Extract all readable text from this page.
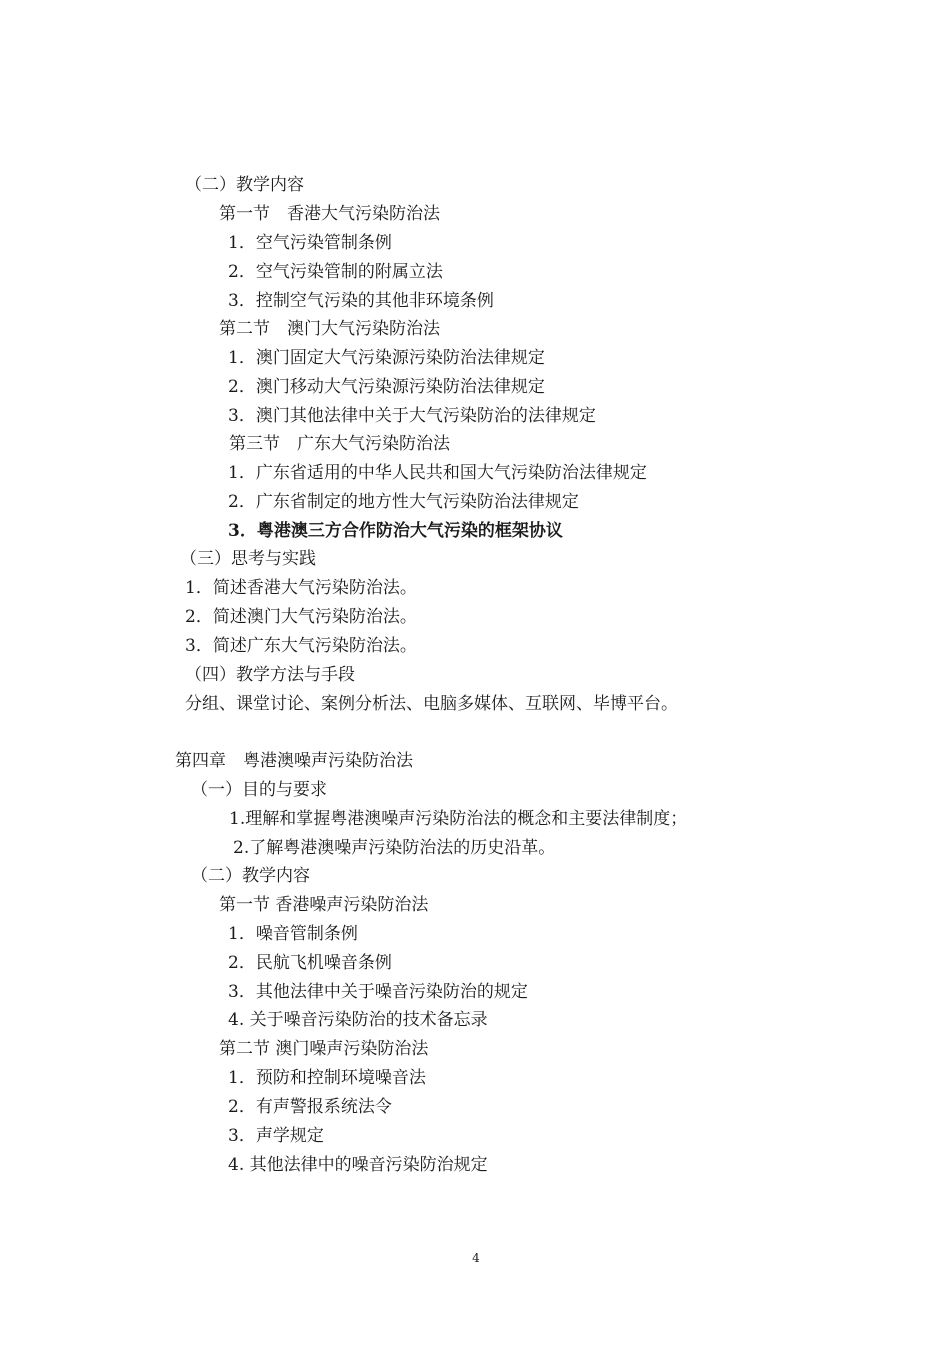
（二）教学内容
第一节　香港大气污染防治法
1．空气污染管制条例
2．空气污染管制的附属立法
3．控制空气污染的其他非环境条例
第二节　澳门大气污染防治法
1．澳门固定大气污染源污染防治法律规定
2．澳门移动大气污染源污染防治法律规定
3．澳门其他法律中关于大气污染防治的法律规定
第三节　广东大气污染防治法
1．广东省适用的中华人民共和国大气污染防治法律规定
2．广东省制定的地方性大气污染防治法律规定
3．粤港澳三方合作防治大气污染的框架协议
（三）思考与实践
1．简述香港大气污染防治法。
2．简述澳门大气污染防治法。
3．简述广东大气污染防治法。
（四）教学方法与手段
分组、课堂讨论、案例分析法、电脑多媒体、互联网、毕博平台。
第四章　粤港澳噪声污染防治法
（一）目的与要求
1.理解和掌握粤港澳噪声污染防治法的概念和主要法律制度；
2.了解粤港澳噪声污染防治法的历史沿革。
（二）教学内容
第一节 香港噪声污染防治法
1．噪音管制条例
2．民航飞机噪音条例
3．其他法律中关于噪音污染防治的规定
4. 关于噪音污染防治的技术备忘录
第二节 澳门噪声污染防治法
1．预防和控制环境噪音法
2．有声警报系统法令
3．声学规定
4. 其他法律中的噪音污染防治规定
4
